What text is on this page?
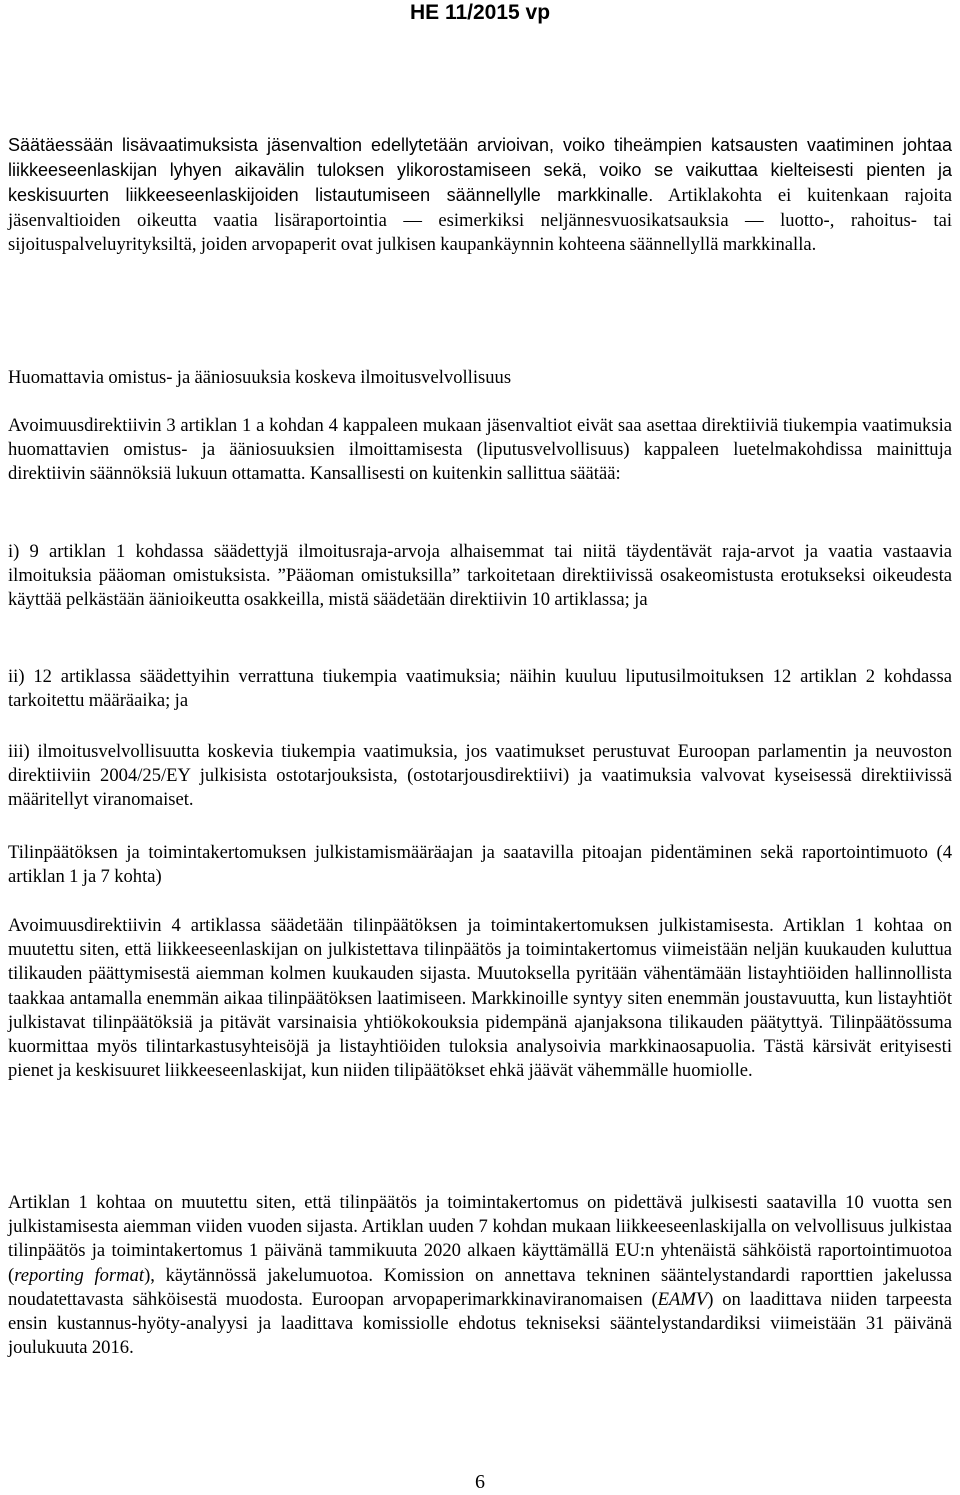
HE 11/2015 vp
Säätäessään lisävaatimuksista jäsenvaltion edellytetään arvioivan, voiko tiheämpien katsausten vaatiminen johtaa liikkeeseenlaskijan lyhyen aikavälin tuloksen ylikorostamiseen sekä, voiko se vaikuttaa kielteisesti pienten ja keskisuurten liikkeeseenlaskijoiden listautumiseen säännellylle markkinalle. Artiklakohta ei kuitenkaan rajoita jäsenvaltioiden oikeutta vaatia lisäraportointia ― esimerkiksi neljännesvuosikatsauksia ― luotto-, rahoitus- tai sijoituspalveluyrityksiltä, joiden arvopaperit ovat julkisen kaupankäynnin kohteena säännellyllä markkinalla.
Huomattavia omistus- ja ääniosuuksia koskeva ilmoitusvelvollisuus
Avoimuusdirektiivin 3 artiklan 1 a kohdan 4 kappaleen mukaan jäsenvaltiot eivät saa asettaa direktiiviä tiukempia vaatimuksia huomattavien omistus- ja ääniosuuksien ilmoittamisesta (liputusvelvollisuus) kappaleen luetelmakohdissa mainittuja direktiivin säännöksiä lukuun ottamatta. Kansallisesti on kuitenkin sallittua säätää:
i) 9 artiklan 1 kohdassa säädettyjä ilmoitusraja-arvoja alhaisemmat tai niitä täydentävät raja-arvot ja vaatia vastaavia ilmoituksia pääoman omistuksista. ”Pääoman omistuksilla” tarkoitetaan direktiivissä osakeomistusta erotukseksi oikeudesta käyttää pelkästään äänioikeutta osakkeilla, mistä säädetään direktiivin 10 artiklassa; ja
ii) 12 artiklassa säädettyihin verrattuna tiukempia vaatimuksia; näihin kuuluu liputusilmoituksen 12 artiklan 2 kohdassa tarkoitettu määräaika; ja
iii) ilmoitusvelvollisuutta koskevia tiukempia vaatimuksia, jos vaatimukset perustuvat Euroopan parlamentin ja neuvoston direktiiviin 2004/25/EY julkisista ostotarjouksista, (ostotarjousdirektiivi) ja vaatimuksia valvovat kyseisessä direktiivissä määritellyt viranomaiset.
Tilinpäätöksen ja toimintakertomuksen julkistamismääräajan ja saatavilla pitoajan pidentäminen sekä raportointimuoto (4 artiklan 1 ja 7 kohta)
Avoimuusdirektiivin 4 artiklassa säädetään tilinpäätöksen ja toimintakertomuksen julkistamisesta. Artiklan 1 kohtaa on muutettu siten, että liikkeeseenlaskijan on julkistettava tilinpäätös ja toimintakertomus viimeistään neljän kuukauden kuluttua tilikauden päättymisestä aiemman kolmen kuukauden sijasta. Muutoksella pyritään vähentämään listayhtiöiden hallinnollista taakkaa antamalla enemmän aikaa tilinpäätöksen laatimiseen. Markkinoille syntyy siten enemmän joustavuutta, kun listayhtiöt julkistavat tilinpäätöksiä ja pitävät varsinaisia yhtiökokouksia pidempänä ajanjaksona tilikauden päätyttyä. Tilinpäätössuma kuormittaa myös tilintarkastusyhteisöjä ja listayhtiöiden tuloksia analysoivia markkinaosapuolia. Tästä kärsivät erityisesti pienet ja keskisuuret liikkeeseenlaskijat, kun niiden tilipäätökset ehkä jäävät vähemmälle huomiolle.
Artiklan 1 kohtaa on muutettu siten, että tilinpäätös ja toimintakertomus on pidettävä julkisesti saatavilla 10 vuotta sen julkistamisesta aiemman viiden vuoden sijasta. Artiklan uuden 7 kohdan mukaan liikkeeseenlaskijalla on velvollisuus julkistaa tilinpäätös ja toimintakertomus 1 päivänä tammikuuta 2020 alkaen käyttämällä EU:n yhtenäistä sähköistä raportointimuotoa (reporting format), käytännössä jakelumuotoa. Komission on annettava tekninen sääntelystandardi raporttien jakelussa noudatettavasta sähköisestä muodosta. Euroopan arvopaperimarkkinaviranomaisen (EAMV) on laadittava niiden tarpeesta ensin kustannus-hyöty-analyysi ja laadittava komissiolle ehdotus tekniseksi sääntelystandardiksi viimeistään 31 päivänä joulukuuta 2016.
6
